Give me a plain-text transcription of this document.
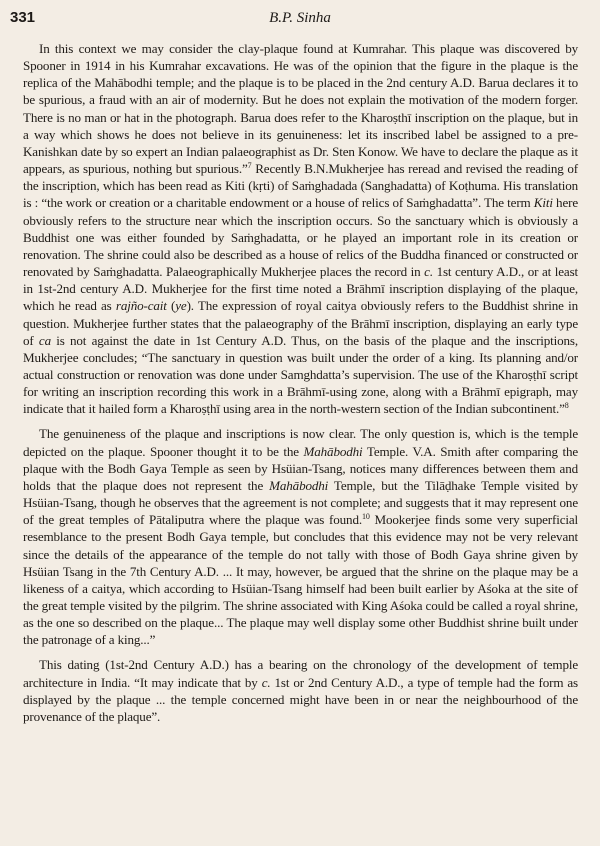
331	B.P. Sinha

In this context we may consider the clay-plaque found at Kumrahar. This plaque was discovered by Spooner in 1914 in his Kumrahar excavations. He was of the opinion that the figure in the plaque is the replica of the Mahābodhi temple; and the plaque is to be placed in the 2nd century A.D. Barua declares it to be spurious, a fraud with an air of modernity. But he does not explain the motivation of the modern forger. There is no man or hat in the photograph. Barua does refer to the Kharoṣthī inscription on the plaque, but in a way which shows he does not believe in its genuineness: let its inscribed label be assigned to a pre-Kanishkan date by so expert an Indian palaeographist as Dr. Sten Konow. We have to declare the plaque as it appears, as spurious, nothing but spurious.”$^7$ Recently B.N.Mukherjee has reread and revised the reading of the inscription, which has been read as Kiti (kṛti) of Saṁghadada (Sanghadatta) of Koṭhuma. His translation is : “the work or creation or a charitable endowment or a house of relics of Saṁghadatta”. The term Kiti here obviously refers to the structure near which the inscription occurs. So the sanctuary which is obviously a Buddhist one was either founded by Saṁghadatta, or he played an important role in its creation or renovation. The shrine could also be described as a house of relics of the Buddha financed or constructed or renovated by Saṁghadatta. Palaeographically Mukherjee places the record in c. 1st century A.D., or at least in 1st-2nd century A.D. Mukherjee for the first time noted a Brāhmī inscription displaying of the plaque, which he read as rajño-cait (ye). The expression of royal caitya obviously refers to the Buddhist shrine in question. Mukherjee further states that the palaeography of the Brāhmī inscription, displaying an early type of ca is not against the date in 1st Century A.D. Thus, on the basis of the plaque and the inscriptions, Mukherjee concludes; “The sanctuary in question was built under the order of a king. Its planning and/or actual construction or renovation was done under Samghdatta’s supervision. The use of the Kharoṣṭhī script for writing an inscription recording this work in a Brāhmī-using zone, along with a Brāhmī epigraph, may indicate that it hailed form a Kharoṣṭhī using area in the north-western section of the Indian subcontinent.”$^8$

The genuineness of the plaque and inscriptions is now clear. The only question is, which is the temple depicted on the plaque. Spooner thought it to be the Mahābodhi Temple. V.A. Smith after comparing the plaque with the Bodh Gaya Temple as seen by Hsüian-Tsang, notices many differences between them and holds that the plaque does not represent the Mahābodhi Temple, but the Tilāḍhake Temple visited by Hsüian-Tsang, though he observes that the agreement is not complete; and suggests that it may represent one of the great temples of Pātaliputra where the plaque was found.$^{10}$ Mookerjee finds some very superficial resemblance to the present Bodh Gaya temple, but concludes that this evidence may not be very relevant since the details of the appearance of the temple do not tally with those of Bodh Gaya shrine given by Hsüian Tsang in the 7th Century A.D. ... It may, however, be argued that the shrine on the plaque may be a likeness of a caitya, which according to Hsüian-Tsang himself had been built earlier by Aśoka at the site of the great temple visited by the pilgrim. The shrine associated with King Aśoka could be called a royal shrine, as the one so described on the plaque... The plaque may well display some other Buddhist shrine built under the patronage of a king...”

This dating (1st-2nd Century A.D.) has a bearing on the chronology of the development of temple architecture in India. “It may indicate that by c. 1st or 2nd Century A.D., a type of temple had the form as displayed by the plaque ... the temple concerned might have been in or near the neighbourhood of the provenance of the plaque”.
